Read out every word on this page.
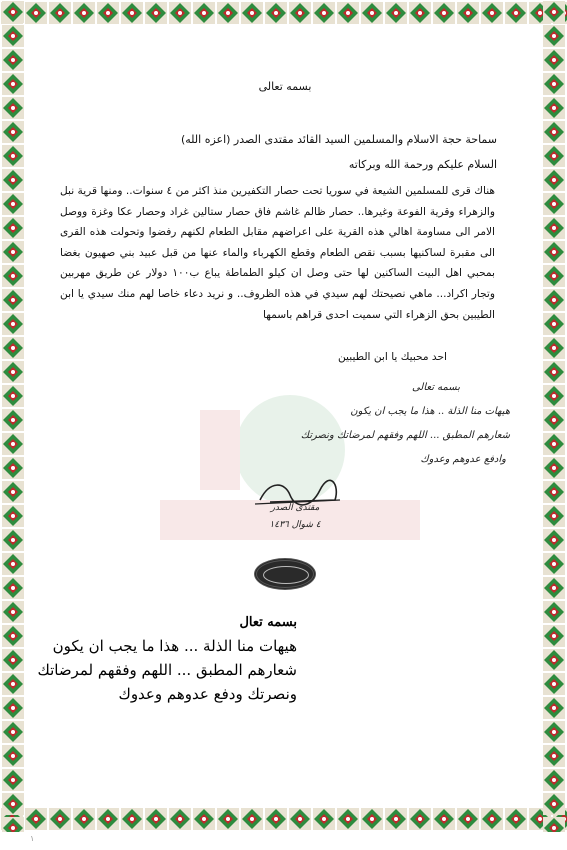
بسمه تعالى
سماحة حجة الاسلام والمسلمين السيد القائد مقتدى الصدر (اعزه الله)
السلام عليكم ورحمة الله وبركاته
هناك قرى للمسلمين الشيعة في سوريا تحت حصار التكفيرين منذ اكثر من ٤ سنوات.. ومنها قرية نبل والزهراء وقرية الفوعة وغيرها.. حصار ظالم غاشم فاق حصار ستالين غراد وحصار عكا وغزة ووصل الامر الى مساومة اهالي هذه القرية على اعراضهم مقابل الطعام لكنهم رفضوا وتحولت هذه القرى الى مقبرة لساكنيها بسبب نقص الطعام وقطع الكهرباء والماء عنها من قبل عبيد بني صهيون بغضا بمحبي اهل البيت الساكنين لها حتى وصل ان كيلو الطماطة يباع ب١٠٠ دولار عن طريق مهربين وتجار اكراد... ماهي نصيحتك لهم سيدي في هذه الظروف.. و نريد دعاء خاصا لهم منك سيدي يا ابن الطيبين بحق الزهراء التي سميت احدى قراهم باسمها
احد محبيك يا ابن الطيبين
بسمه تعالى
هيهات منا الذلة .. هذا ما يجب ان يكون
شعارهم المطبق ... اللهم وفقهم لمرضاتك ونصرتك
وادفع عدوهم وعدوك
مقتدى الصدر
٤ شوال ١٤٣٦
بسمه تعال
هيهات منا الذلة ... هذا ما يجب ان يكون
شعارهم المطبق ... اللهم وفقهم لمرضاتك
ونصرتك ودفع عدوهم وعدوك
١
